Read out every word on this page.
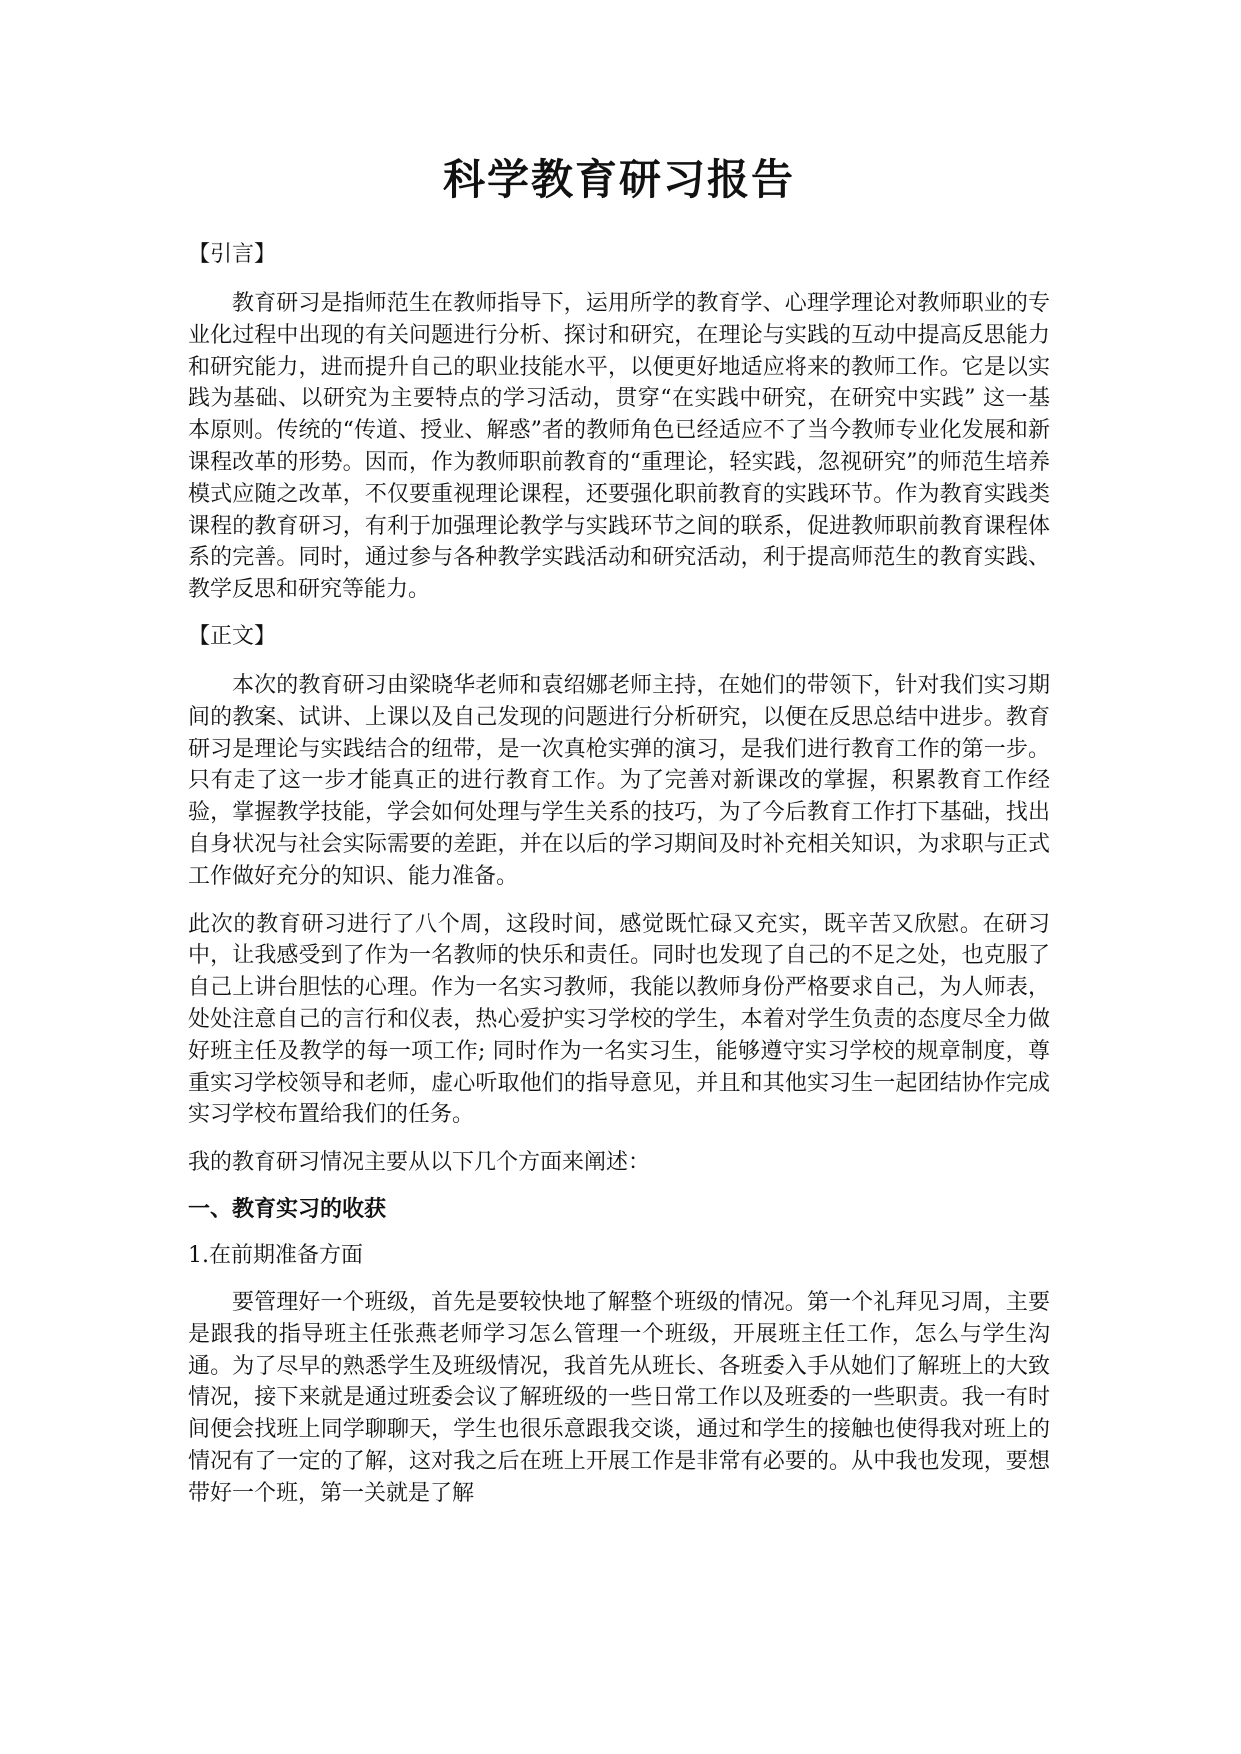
科学教育研习报告
【引言】

教育研习是指师范生在教师指导下，运用所学的教育学、心理学理论对教师职业的专业化过程中出现的有关问题进行分析、探讨和研究，在理论与实践的互动中提高反思能力和研究能力，进而提升自己的职业技能水平，以便更好地适应将来的教师工作。它是以实践为基础、以研究为主要特点的学习活动，贯穿“在实践中研究，在研究中实践” 这一基本原则。传统的“传道、授业、解惑”者的教师角色已经适应不了当今教师专业化发展和新课程改革的形势。因而，作为教师职前教育的“重理论，轻实践，忽视研究”的师范生培养模式应随之改革，不仅要重视理论课程，还要强化职前教育的实践环节。作为教育实践类课程的教育研习，有利于加强理论教学与实践环节之间的联系，促进教师职前教育课程体系的完善。同时，通过参与各种教学实践活动和研究活动，利于提高师范生的教育实践、教学反思和研究等能力。

【正文】

本次的教育研习由梁晓华老师和袁绍娜老师主持，在她们的带领下，针对我们实习期间的教案、试讲、上课以及自己发现的问题进行分析研究，以便在反思总结中进步。教育研习是理论与实践结合的纽带，是一次真枪实弹的演习，是我们进行教育工作的第一步。只有走了这一步才能真正的进行教育工作。为了完善对新课改的掌握，积累教育工作经验，掌握教学技能，学会如何处理与学生关系的技巧，为了今后教育工作打下基础，找出自身状况与社会实际需要的差距，并在以后的学习期间及时补充相关知识，为求职与正式工作做好充分的知识、能力准备。

此次的教育研习进行了八个周，这段时间，感觉既忙碌又充实，既辛苦又欣慰。在研习中，让我感受到了作为一名教师的快乐和责任。同时也发现了自己的不足之处，也克服了自己上讲台胆怯的心理。作为一名实习教师，我能以教师身份严格要求自己，为人师表，处处注意自己的言行和仪表，热心爱护实习学校的学生，本着对学生负责的态度尽全力做好班主任及教学的每一项工作; 同时作为一名实习生，能够遵守实习学校的规章制度，尊重实习学校领导和老师，虚心听取他们的指导意见，并且和其他实习生一起团结协作完成实习学校布置给我们的任务。

我的教育研习情况主要从以下几个方面来阐述：

一、教育实习的收获
1.在前期准备方面

要管理好一个班级，首先是要较快地了解整个班级的情况。第一个礼拜见习周，主要是跟我的指导班主任张燕老师学习怎么管理一个班级，开展班主任工作，怎么与学生沟通。为了尽早的熟悉学生及班级情况，我首先从班长、各班委入手从她们了解班上的大致情况，接下来就是通过班委会议了解班级的一些日常工作以及班委的一些职责。我一有时间便会找班上同学聊聊天，学生也很乐意跟我交谈，通过和学生的接触也使得我对班上的情况有了一定的了解，这对我之后在班上开展工作是非常有必要的。从中我也发现，要想带好一个班，第一关就是了解
